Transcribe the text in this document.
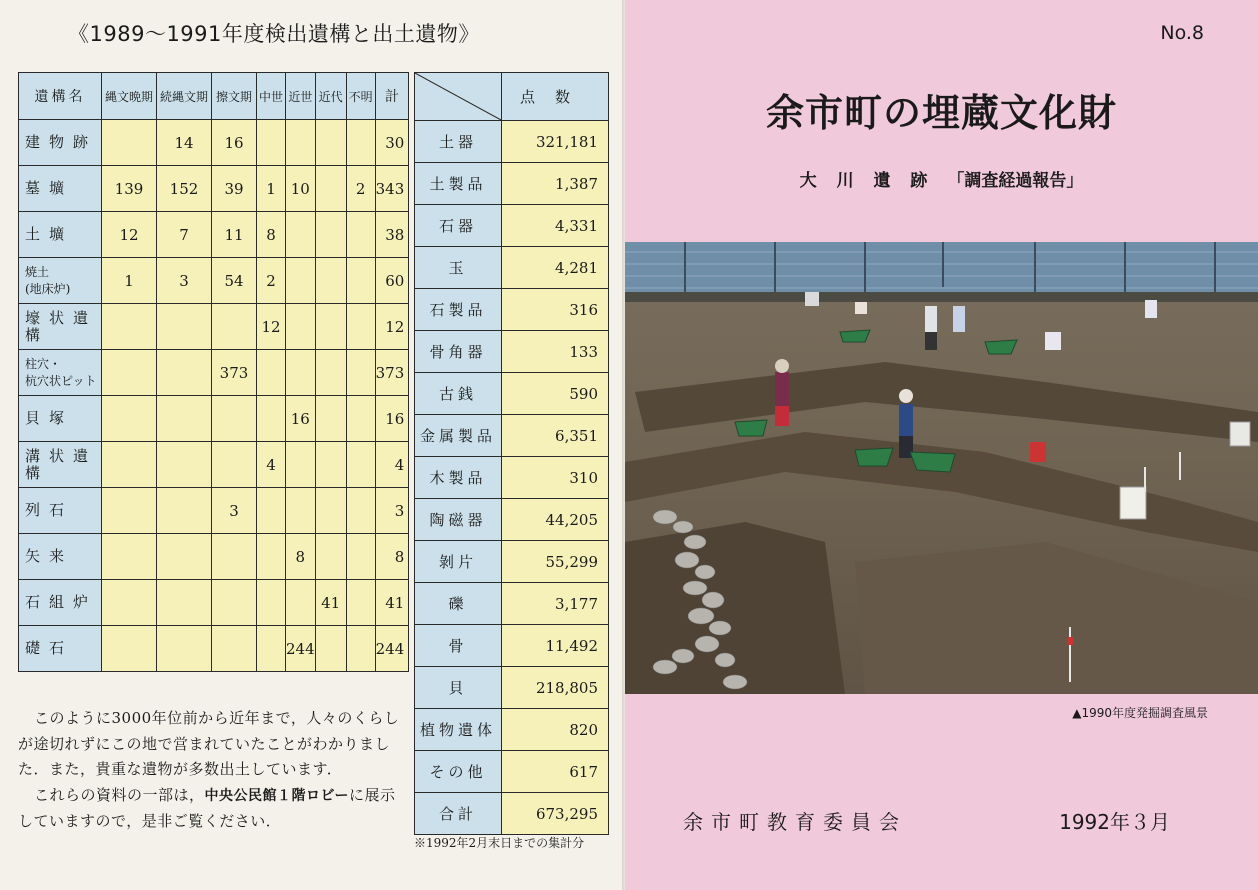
《1989～1991年度検出遺構と出土遺物》
遺構名	縄文晩期	続縄文期	擦文期	中世	近世	近代	不明	計

建物跡		14	16					30

墓壙	139	152	39	1	10		2	343

土壙	12	7	11	8				38

焼土
(地床炉)	1	3	54	2				60

壕状遺構				12				12

柱穴・
杭穴状ピット			373					373

貝塚					16			16

溝状遺構				4				4

列石			3					3

矢来					8			8

石組炉						41		41

礎石					244			244
	点数
土器	321,181
土製品	1,387
石器	4,331
玉	4,281
石製品	316
骨角器	133
古銭	590
金属製品	6,351
木製品	310
陶磁器	44,205
剝片	55,299
礫	3,177
骨	11,492
貝	218,805
植物遺体	820
その他	617
合計	673,295
※1992年2月末日までの集計分

このように3000年位前から近年まで，人々のくらしが途切れずにこの地で営まれていたことがわかりました．また，貴重な遺物が多数出土しています．

これらの資料の一部は，中央公民館１階ロビーに展示していますので，是非ご覧ください．

No.8
余市町の埋蔵文化財
大 川 遺 跡 「調査経過報告」
▲1990年度発掘調査風景
余市町教育委員会	1992年３月
